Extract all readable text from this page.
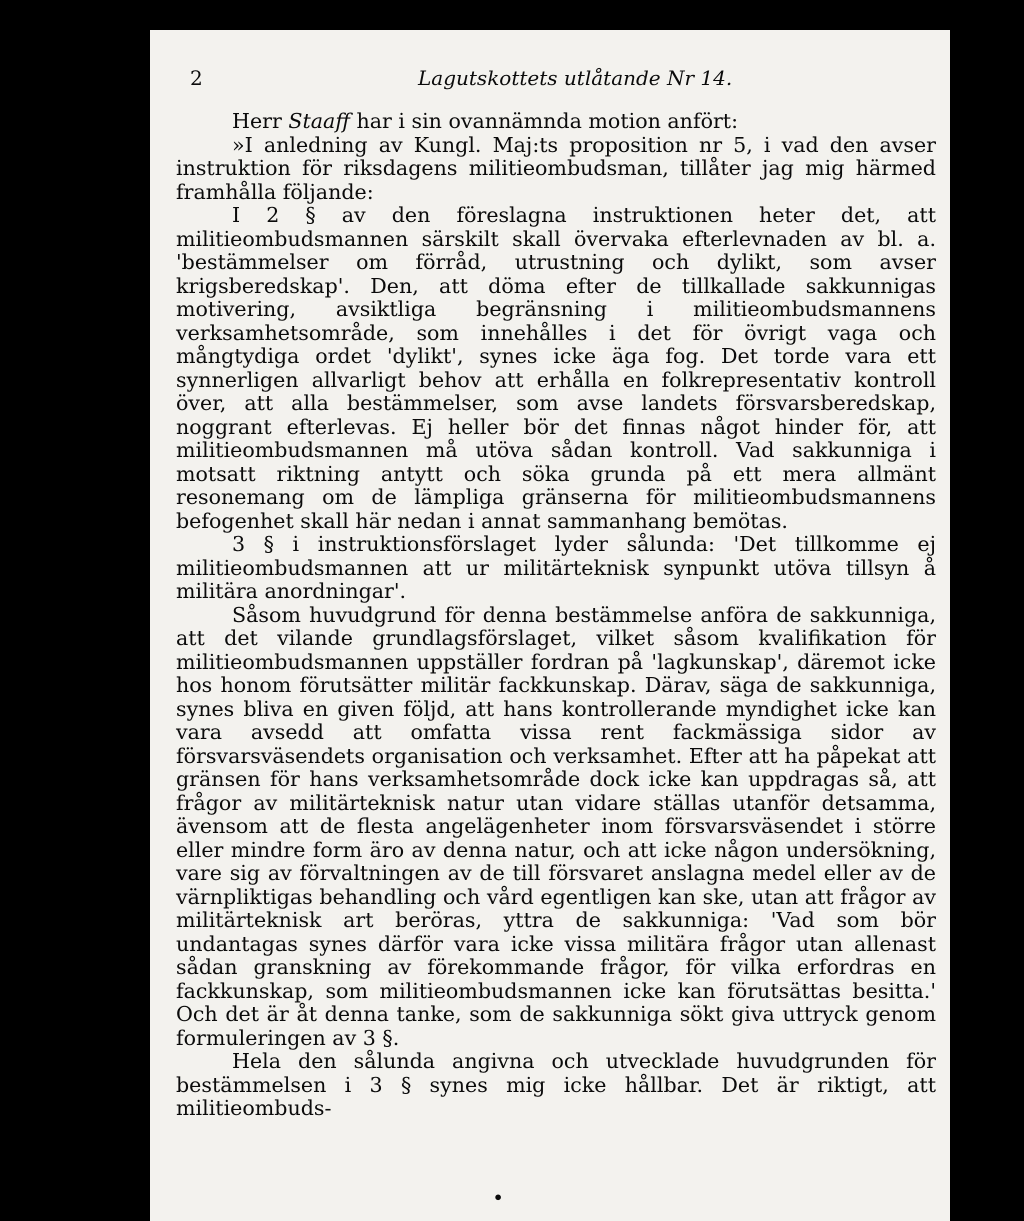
2	Lagutskottets utlåtande Nr 14.

Herr Staaff har i sin ovannämnda motion anfört:

»I anledning av Kungl. Maj:ts proposition nr 5, i vad den avser instruktion för riksdagens militieombudsman, tillåter jag mig härmed framhålla följande:

I 2 § av den föreslagna instruktionen heter det, att militieombudsmannen särskilt skall övervaka efterlevnaden av bl. a. 'bestämmelser om förråd, utrustning och dylikt, som avser krigsberedskap'. Den, att döma efter de tillkallade sakkunnigas motivering, avsiktliga begränsning i militieombudsmannens verksamhetsområde, som innehålles i det för övrigt vaga och mångtydiga ordet 'dylikt', synes icke äga fog. Det torde vara ett synnerligen allvarligt behov att erhålla en folkrepresentativ kontroll över, att alla bestämmelser, som avse landets försvarsberedskap, noggrant efterlevas. Ej heller bör det finnas något hinder för, att militieombudsmannen må utöva sådan kontroll. Vad sakkunniga i motsatt riktning antytt och söka grunda på ett mera allmänt resonemang om de lämpliga gränserna för militieombudsmannens befogenhet skall här nedan i annat sammanhang bemötas.

3 § i instruktionsförslaget lyder sålunda: 'Det tillkomme ej militieombudsmannen att ur militärteknisk synpunkt utöva tillsyn å militära anordningar'.

Såsom huvudgrund för denna bestämmelse anföra de sakkunniga, att det vilande grundlagsförslaget, vilket såsom kvalifikation för militieombudsmannen uppställer fordran på 'lagkunskap', däremot icke hos honom förutsätter militär fackkunskap. Därav, säga de sakkunniga, synes bliva en given följd, att hans kontrollerande myndighet icke kan vara avsedd att omfatta vissa rent fackmässiga sidor av försvarsväsendets organisation och verksamhet. Efter att ha påpekat att gränsen för hans verksamhetsområde dock icke kan uppdragas så, att frågor av militärteknisk natur utan vidare ställas utanför detsamma, ävensom att de flesta angelägenheter inom försvarsväsendet i större eller mindre form äro av denna natur, och att icke någon undersökning, vare sig av förvaltningen av de till försvaret anslagna medel eller av de värnpliktigas behandling och vård egentligen kan ske, utan att frågor av militärteknisk art beröras, yttra de sakkunniga: 'Vad som bör undantagas synes därför vara icke vissa militära frågor utan allenast sådan granskning av förekommande frågor, för vilka erfordras en fackkunskap, som militieombudsmannen icke kan förutsättas besitta.' Och det är åt denna tanke, som de sakkunniga sökt giva uttryck genom formuleringen av 3 §.

Hela den sålunda angivna och utvecklade huvudgrunden för bestämmelsen i 3 § synes mig icke hållbar. Det är riktigt, att militieombuds-

•
